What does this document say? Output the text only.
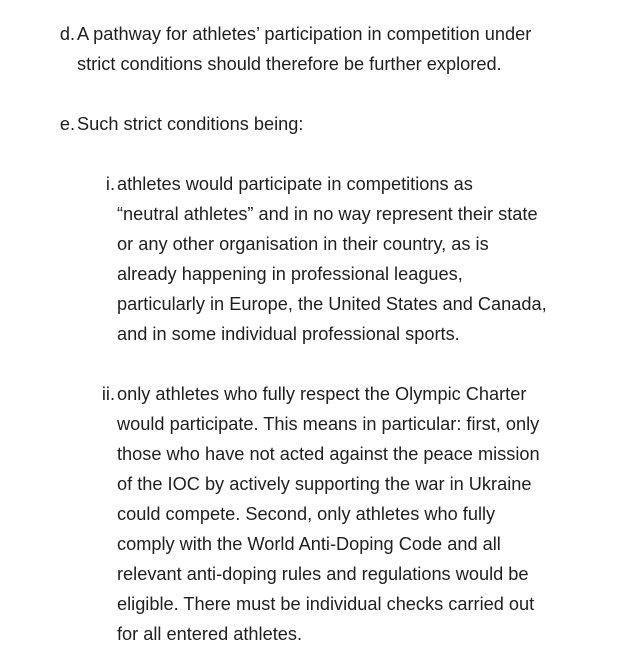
d. A pathway for athletes’ participation in competition under
strict conditions should therefore be further explored.
e. Such strict conditions being:
i. athletes would participate in competitions as
“neutral athletes” and in no way represent their state
or any other organisation in their country, as is
already happening in professional leagues,
particularly in Europe, the United States and Canada,
and in some individual professional sports.
ii. only athletes who fully respect the Olympic Charter
would participate. This means in particular: first, only
those who have not acted against the peace mission
of the IOC by actively supporting the war in Ukraine
could compete. Second, only athletes who fully
comply with the World Anti-Doping Code and all
relevant anti-doping rules and regulations would be
eligible. There must be individual checks carried out
for all entered athletes.
